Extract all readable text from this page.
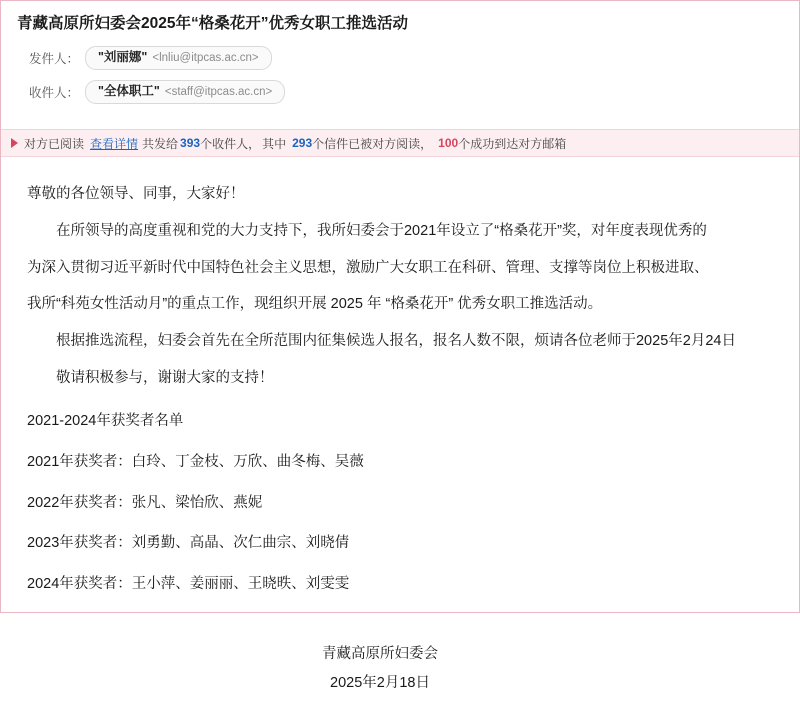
青藏高原所妇委会2025年“格桑花开”优秀女职工推选活动
发件人：	"刘丽娜" <lnliu@itpcas.ac.cn>
收件人：	"全体职工" <staff@itpcas.ac.cn>
对方已阅读 查看详情 共发给 393 个收件人， 其中 293 个信件已被对方阅读， 100 个成功到达对方邮箱
尊敬的各位领导、同事，大家好！
在所领导的高度重视和党的大力支持下，我所妇委会于2021年设立了“格桑花开”奖，对年度表现优秀的
为深入贯彻习近平新时代中国特色社会主义思想，激励广大女职工在科研、管理、支撑等岗位上积极进取、
我所“科苑女性活动月”的重点工作，现组织开展 2025 年 “格桑花开” 优秀女职工推选活动。
根据推选流程，妇委会首先在全所范围内征集候选人报名，报名人数不限，烦请各位老师于2025年2月24日
敬请积极参与，谢谢大家的支持！
2021-2024年获奖者名单
2021年获奖者：白玲、丁金枝、万欣、曲冬梅、吴薇
2022年获奖者：张凡、梁怡欣、燕妮
2023年获奖者：刘勇勤、高晶、次仁曲宗、刘晓倩
2024年获奖者：王小萍、姜丽丽、王晓昳、刘雯雯
青藏高原所妇委会
2025年2月18日
